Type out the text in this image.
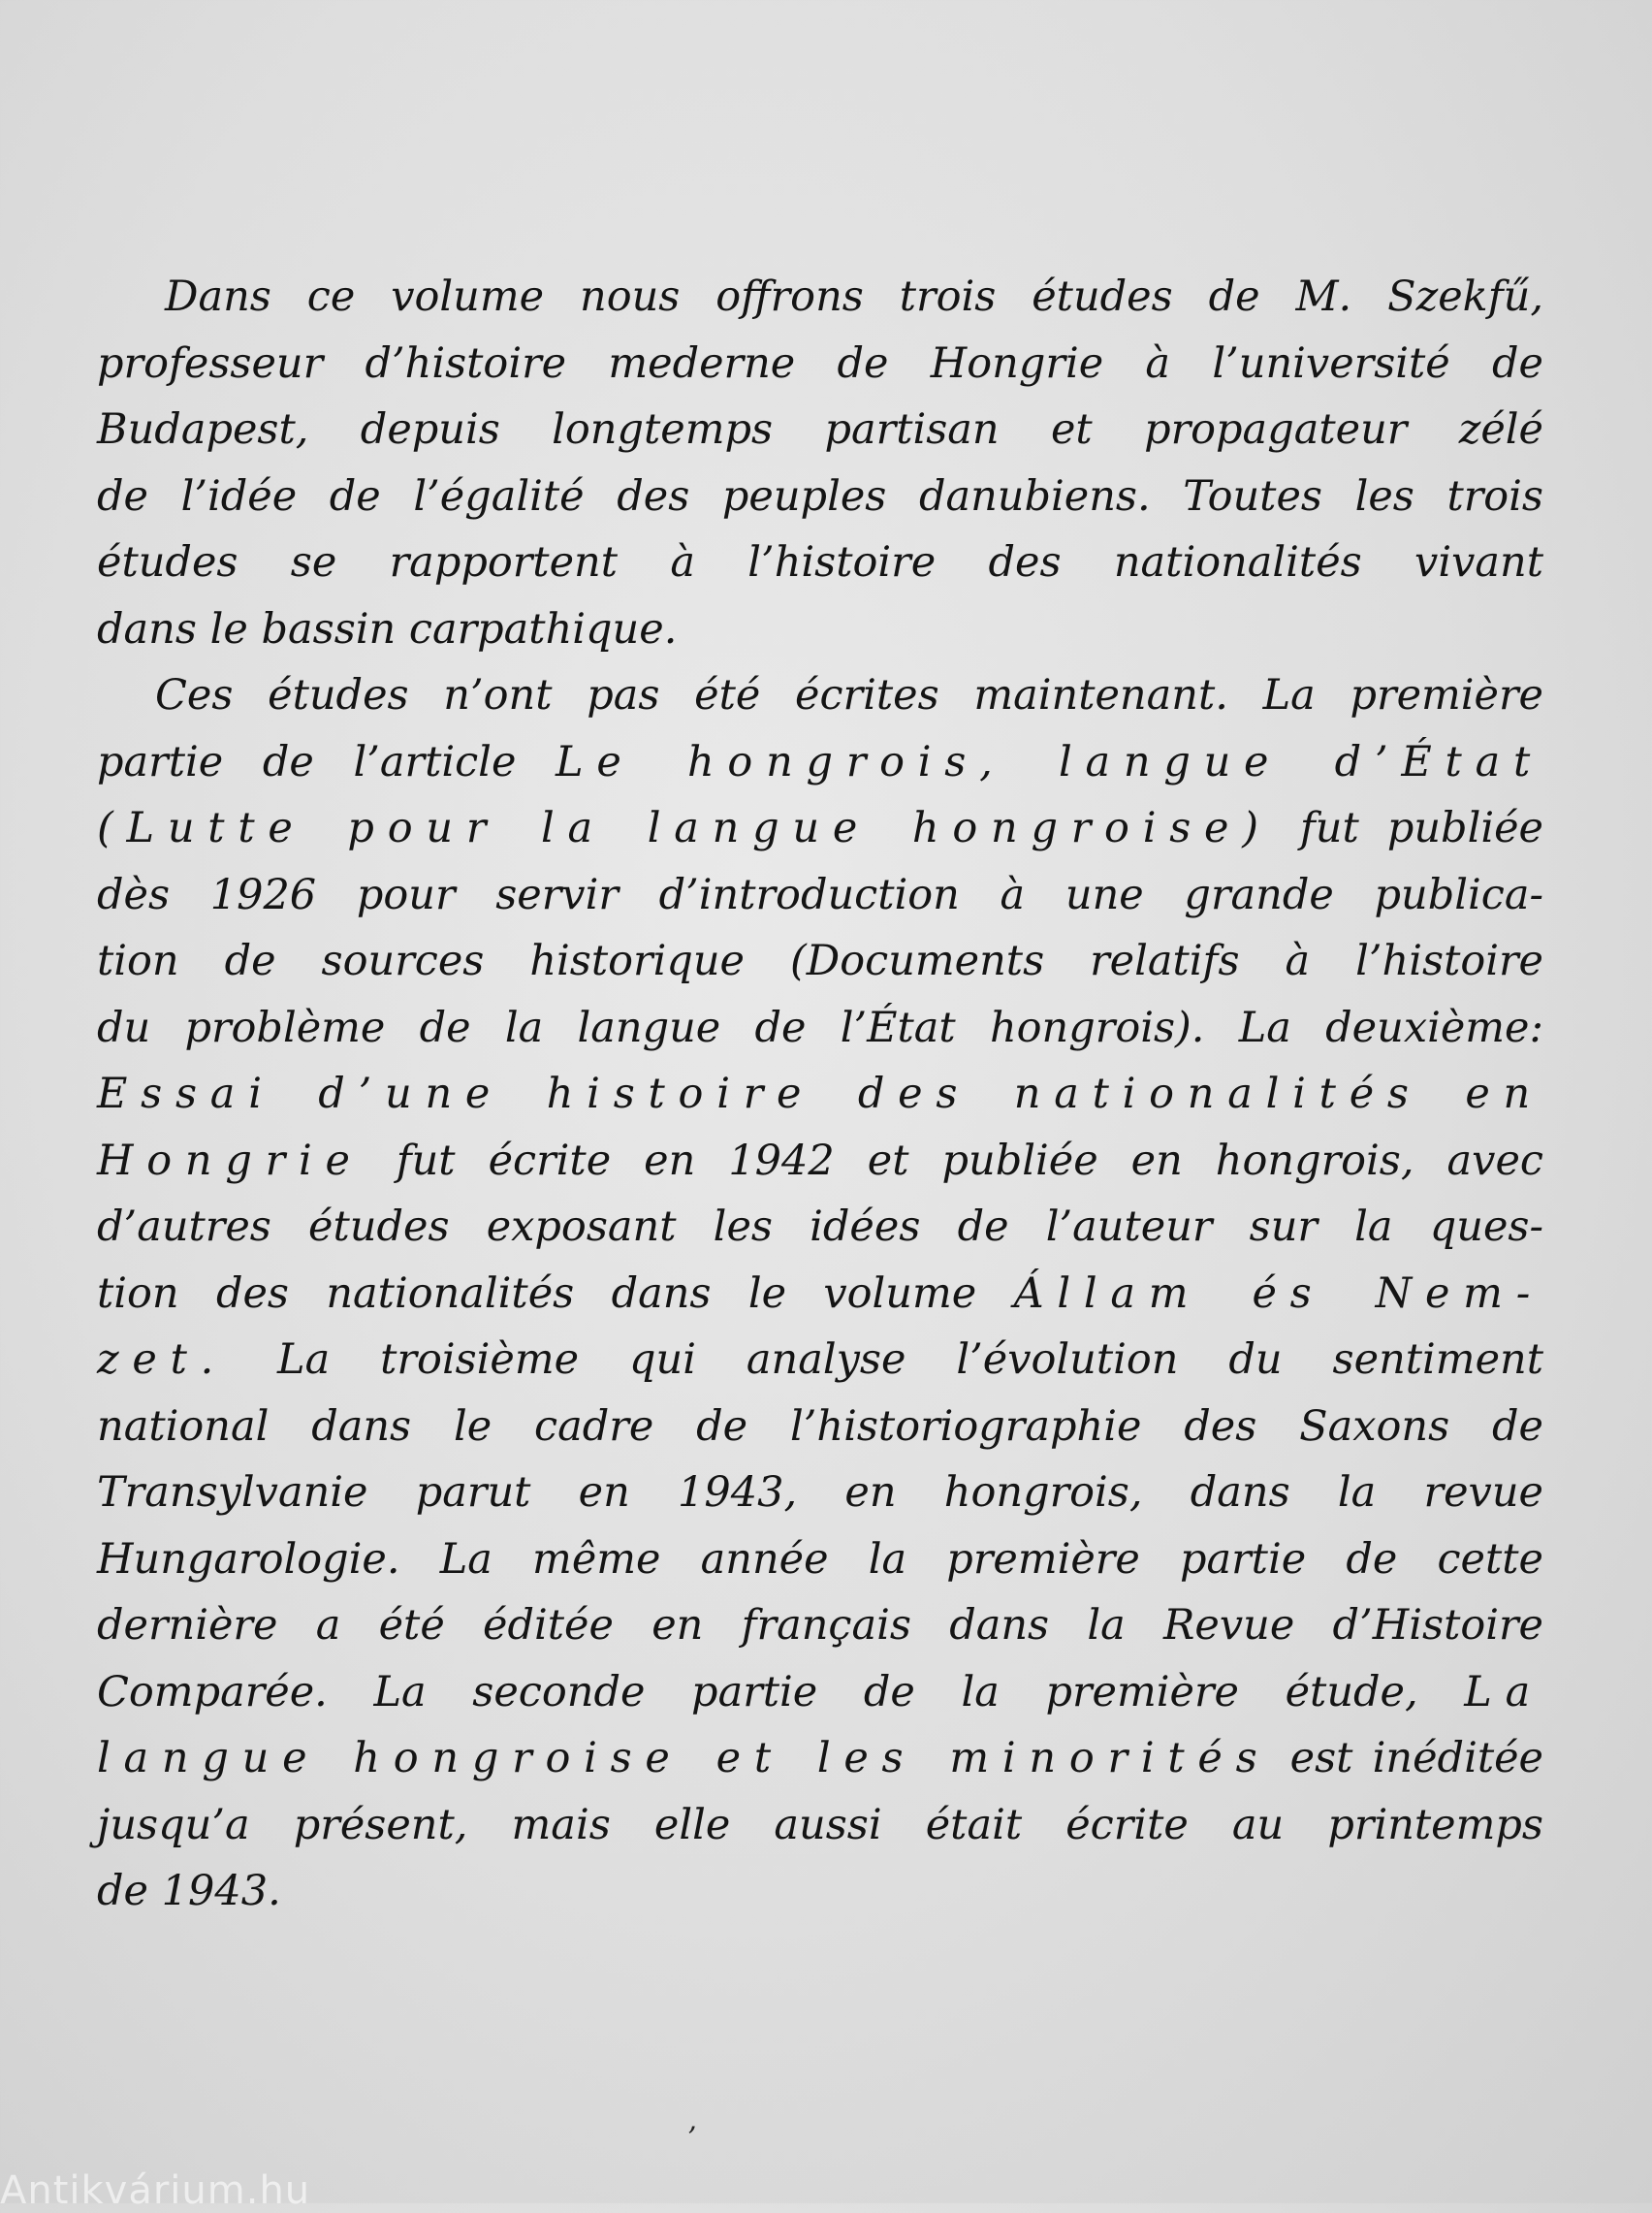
Dans ce volume nous offrons trois études de M. Szekfű,
professeur d’histoire mederne de Hongrie à l’université de
Budapest, depuis longtemps partisan et propagateur zélé
de l’idée de l’égalité des peuples danubiens. Toutes les trois
études se rapportent à l’histoire des nationalités vivant
dans le bassin carpathique.
Ces études n’ont pas été écrites maintenant. La première
partie de l’article Le hongrois, langue d’État
(Lutte pour la langue hongroise) fut publiée
dès 1926 pour servir d’introduction à une grande publica-
tion de sources historique (Documents relatifs à l’histoire
du problème de la langue de l’État hongrois). La deuxième:
Essai d’une histoire des nationalités en
Hongrie fut écrite en 1942 et publiée en hongrois, avec
d’autres études exposant les idées de l’auteur sur la ques-
tion des nationalités dans le volume Állam és Nem-
zet. La troisième qui analyse l’évolution du sentiment
national dans le cadre de l’historiographie des Saxons de
Transylvanie parut en 1943, en hongrois, dans la revue
Hungarologie. La même année la première partie de cette
dernière a été éditée en français dans la Revue d’Histoire
Comparée. La seconde partie de la première étude, La
langue hongroise et les minorités est inéditée
jusqu’a présent, mais elle aussi était écrite au printemps
de 1943.
ʼ
Antikvárium.hu
